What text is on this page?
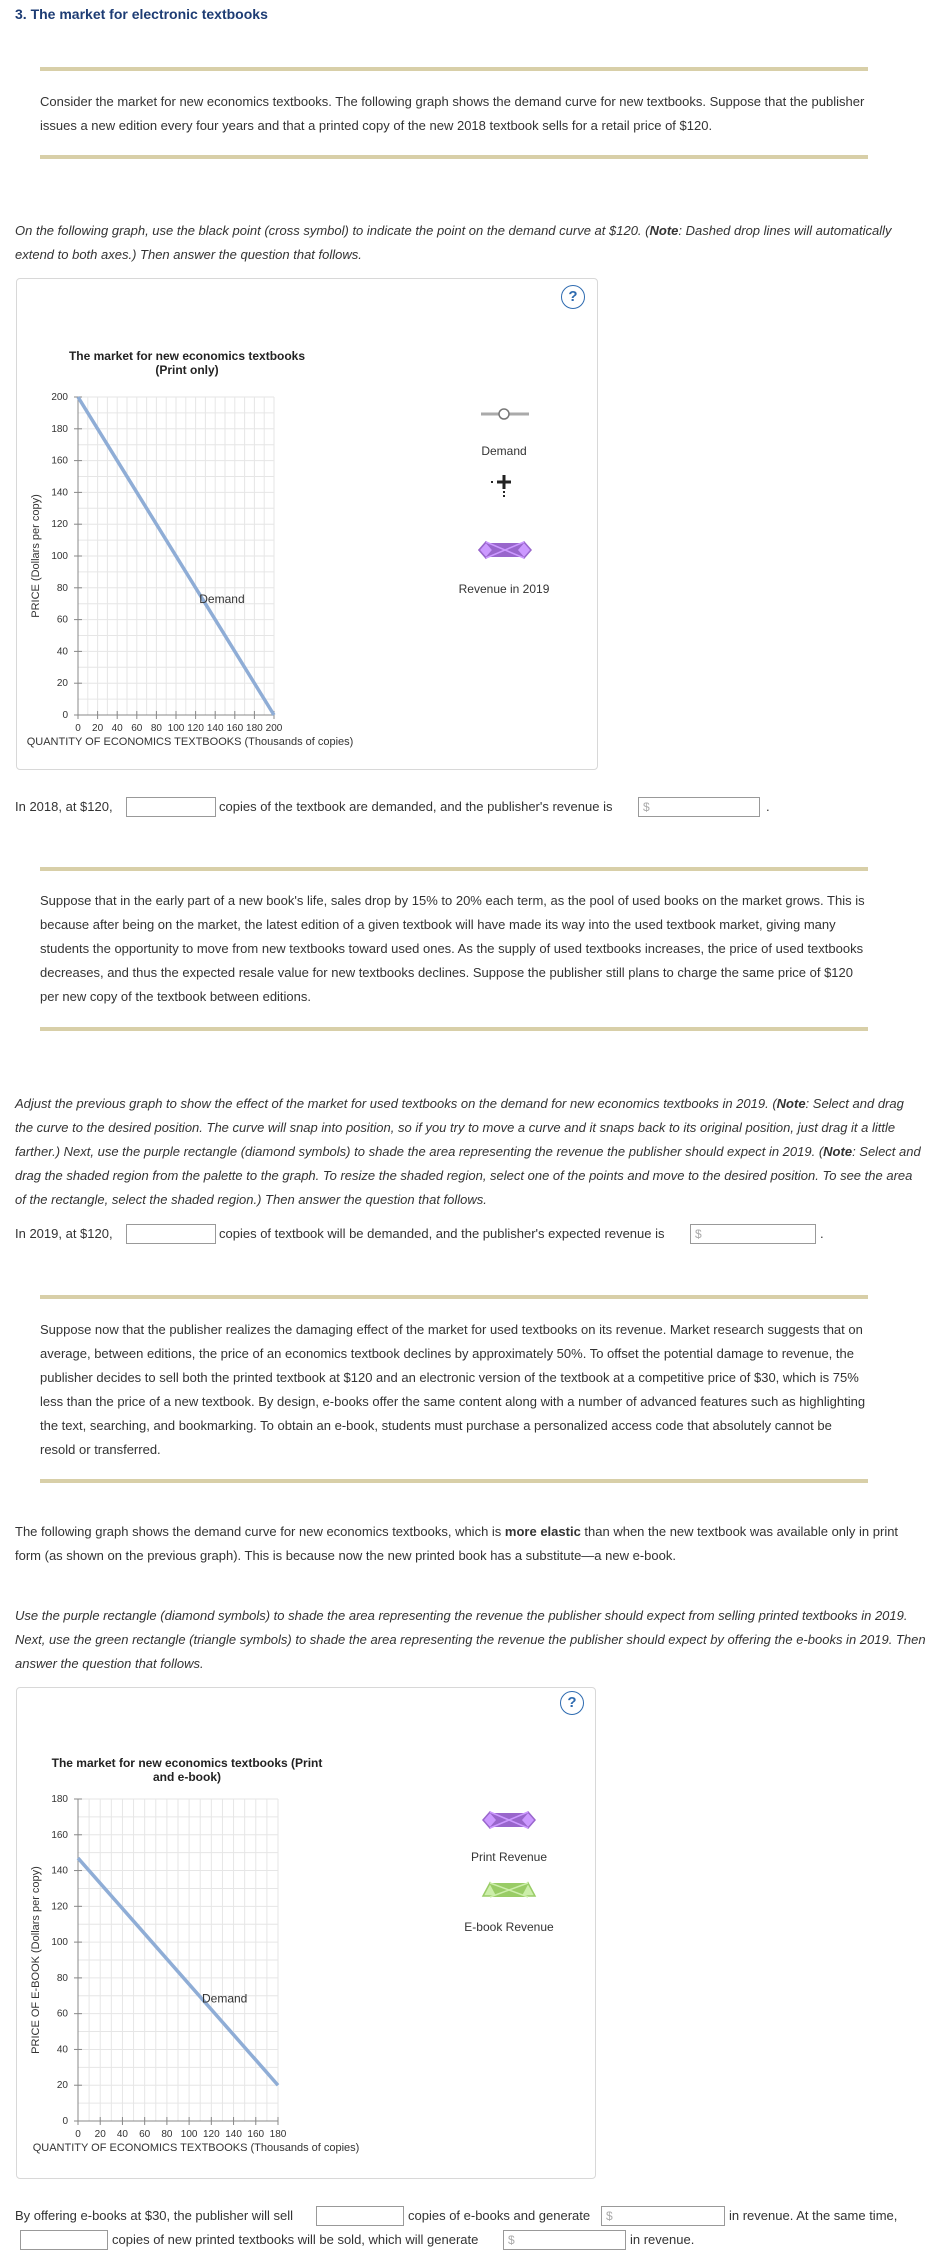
3. The market for electronic textbooks
Consider the market for new economics textbooks. The following graph shows the demand curve for new textbooks. Suppose that the publisher issues a new edition every four years and that a printed copy of the new 2018 textbook sells for a retail price of $120.
On the following graph, use the black point (cross symbol) to indicate the point on the demand curve at $120. (Note: Dashed drop lines will automatically extend to both axes.) Then answer the question that follows.
?
The market for new economics textbooks (Print only)
0 20 40 60 80 100 120 140 160 180 200
0
20
40
60
80
100
120
140
160
180
200
Demand
PRICE (Dollars per copy)
QUANTITY OF ECONOMICS TEXTBOOKS (Thousands of copies)
Demand
Revenue in 2019
In 2018, at $120,	copies of the textbook are demanded, and the publisher's revenue is	$	.
Suppose that in the early part of a new book's life, sales drop by 15% to 20% each term, as the pool of used books on the market grows. This is because after being on the market, the latest edition of a given textbook will have made its way into the used textbook market, giving many students the opportunity to move from new textbooks toward used ones. As the supply of used textbooks increases, the price of used textbooks decreases, and thus the expected resale value for new textbooks declines. Suppose the publisher still plans to charge the same price of $120 per new copy of the textbook between editions.
Adjust the previous graph to show the effect of the market for used textbooks on the demand for new economics textbooks in 2019. (Note: Select and drag the curve to the desired position. The curve will snap into position, so if you try to move a curve and it snaps back to its original position, just drag it a little farther.) Next, use the purple rectangle (diamond symbols) to shade the area representing the revenue the publisher should expect in 2019. (Note: Select and drag the shaded region from the palette to the graph. To resize the shaded region, select one of the points and move to the desired position. To see the area of the rectangle, select the shaded region.) Then answer the question that follows.
In 2019, at $120,	copies of textbook will be demanded, and the publisher's expected revenue is	$	.
Suppose now that the publisher realizes the damaging effect of the market for used textbooks on its revenue. Market research suggests that on average, between editions, the price of an economics textbook declines by approximately 50%. To offset the potential damage to revenue, the publisher decides to sell both the printed textbook at $120 and an electronic version of the textbook at a competitive price of $30, which is 75% less than the price of a new textbook. By design, e-books offer the same content along with a number of advanced features such as highlighting the text, searching, and bookmarking. To obtain an e-book, students must purchase a personalized access code that absolutely cannot be resold or transferred.
The following graph shows the demand curve for new economics textbooks, which is more elastic than when the new textbook was available only in print form (as shown on the previous graph). This is because now the new printed book has a substitute—a new e-book.
Use the purple rectangle (diamond symbols) to shade the area representing the revenue the publisher should expect from selling printed textbooks in 2019. Next, use the green rectangle (triangle symbols) to shade the area representing the revenue the publisher should expect by offering the e-books in 2019. Then answer the question that follows.
?
The market for new economics textbooks (Print and e-book)
0 20 40 60 80 100 120 140 160 180
0
20
40
60
80
100
120
140
160
180
Demand
PRICE OF E-BOOK (Dollars per copy)
QUANTITY OF ECONOMICS TEXTBOOKS (Thousands of copies)
Print Revenue
E-book Revenue
By offering e-books at $30, the publisher will sell	copies of e-books and generate	$	in revenue. At the same time,
copies of new printed textbooks will be sold, which will generate	$	in revenue.
